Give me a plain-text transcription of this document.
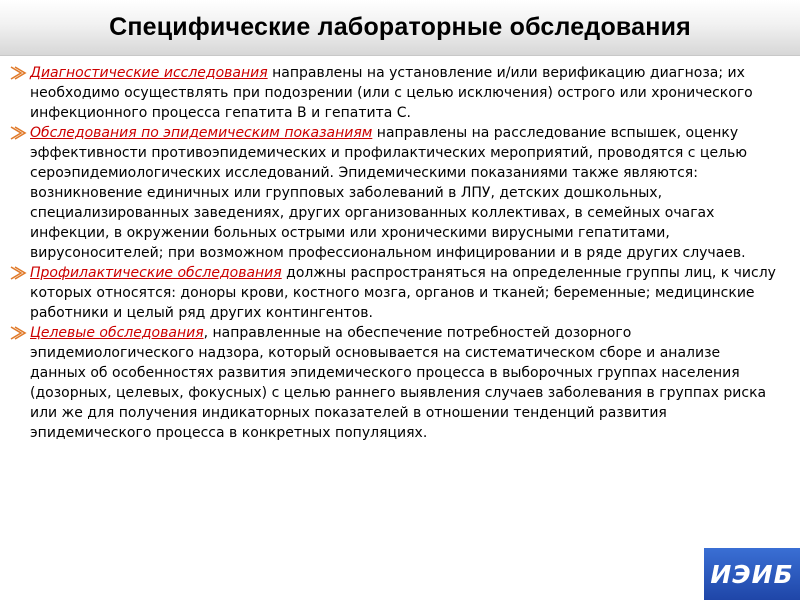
Специфические лабораторные обследования
Диагностические исследования направлены на установление и/или верификацию диагноза; их необходимо осуществлять при подозрении (или с целью исключения) острого или хронического инфекционного процесса гепатита В и гепатита С.
Обследования по эпидемическим показаниям направлены на расследование вспышек, оценку эффективности противоэпидемических и профилактических мероприятий, проводятся с целью сероэпидемиологических исследований. Эпидемическими показаниями также являются: возникновение единичных или групповых заболеваний в ЛПУ, детских дошкольных, специализированных заведениях, других организованных коллективах, в семейных очагах инфекции, в окружении больных острыми или хроническими вирусными гепатитами, вирусоносителей; при возможном профессиональном инфицировании и в ряде других случаев.
Профилактические обследования должны распространяться на определенные группы лиц, к числу которых относятся: доноры крови, костного мозга, органов и тканей; беременные; медицинские работники и целый ряд других контингентов.
Целевые обследования, направленные на обеспечение потребностей дозорного эпидемиологического надзора, который основывается на систематическом сборе и анализе данных об особенностях развития эпидемического процесса в выборочных группах населения (дозорных, целевых, фокусных) с целью раннего выявления случаев заболевания в группах риска или же для получения индикаторных показателей в отношении тенденций развития эпидемического процесса в конкретных популяциях.
ИЭИБ
